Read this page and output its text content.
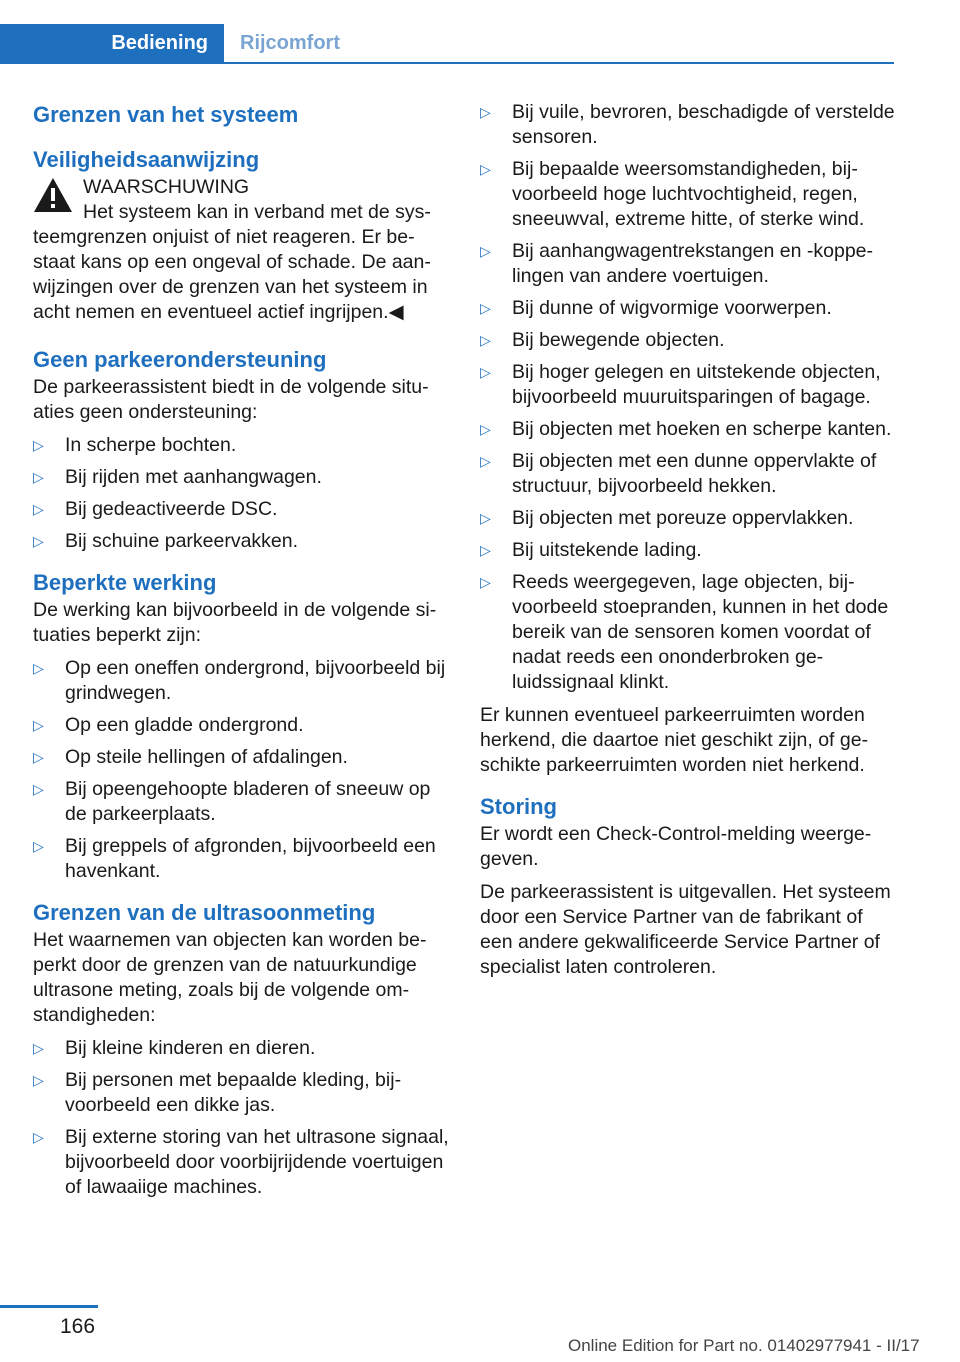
Bediening	Rijcomfort
Grenzen van het systeem
Veiligheidsaanwijzing
WAARSCHUWING
Het systeem kan in verband met de systeemgrenzen onjuist of niet reageren. Er bestaat kans op een ongeval of schade. De aanwijzingen over de grenzen van het systeem in acht nemen en eventueel actief ingrijpen.◀
Geen parkeerondersteuning

De parkeerassistent biedt in de volgende situaties geen ondersteuning:

▷ In scherpe bochten.
▷ Bij rijden met aanhangwagen.
▷ Bij gedeactiveerde DSC.
▷ Bij schuine parkeervakken.
Beperkte werking

De werking kan bijvoorbeeld in de volgende situaties beperkt zijn:

▷ Op een oneffen ondergrond, bijvoorbeeld bij grindwegen.
▷ Op een gladde ondergrond.
▷ Op steile hellingen of afdalingen.
▷ Bij opeengehoopte bladeren of sneeuw op de parkeerplaats.
▷ Bij greppels of afgronden, bijvoorbeeld een havenkant.
Grenzen van de ultrasoonmeting

Het waarnemen van objecten kan worden beperkt door de grenzen van de natuurkundige ultrasone meting, zoals bij de volgende omstandigheden:

▷ Bij kleine kinderen en dieren.
▷ Bij personen met bepaalde kleding, bijvoorbeeld een dikke jas.
▷ Bij externe storing van het ultrasone signaal, bijvoorbeeld door voorbijrijdende voertuigen of lawaaiige machines.
▷ Bij vuile, bevroren, beschadigde of verstelde sensoren.
▷ Bij bepaalde weersomstandigheden, bijvoorbeeld hoge luchtvochtigheid, regen, sneeuwval, extreme hitte, of sterke wind.
▷ Bij aanhangwagentrekstangen en -koppelingen van andere voertuigen.
▷ Bij dunne of wigvormige voorwerpen.
▷ Bij bewegende objecten.
▷ Bij hoger gelegen en uitstekende objecten, bijvoorbeeld muuruitsparingen of bagage.
▷ Bij objecten met hoeken en scherpe kanten.
▷ Bij objecten met een dunne oppervlakte of structuur, bijvoorbeeld hekken.
▷ Bij objecten met poreuze oppervlakken.
▷ Bij uitstekende lading.
▷ Reeds weergegeven, lage objecten, bijvoorbeeld stoepranden, kunnen in het dode bereik van de sensoren komen voordat of nadat reeds een ononderbroken geluidssignaal klinkt.

Er kunnen eventueel parkeerruimten worden herkend, die daartoe niet geschikt zijn, of geschikte parkeerruimten worden niet herkend.

Storing

Er wordt een Check-Control-melding weergegeven.

De parkeerassistent is uitgevallen. Het systeem door een Service Partner van de fabrikant of een andere gekwalificeerde Service Partner of specialist laten controleren.

166
Online Edition for Part no. 01402977941 - II/17
